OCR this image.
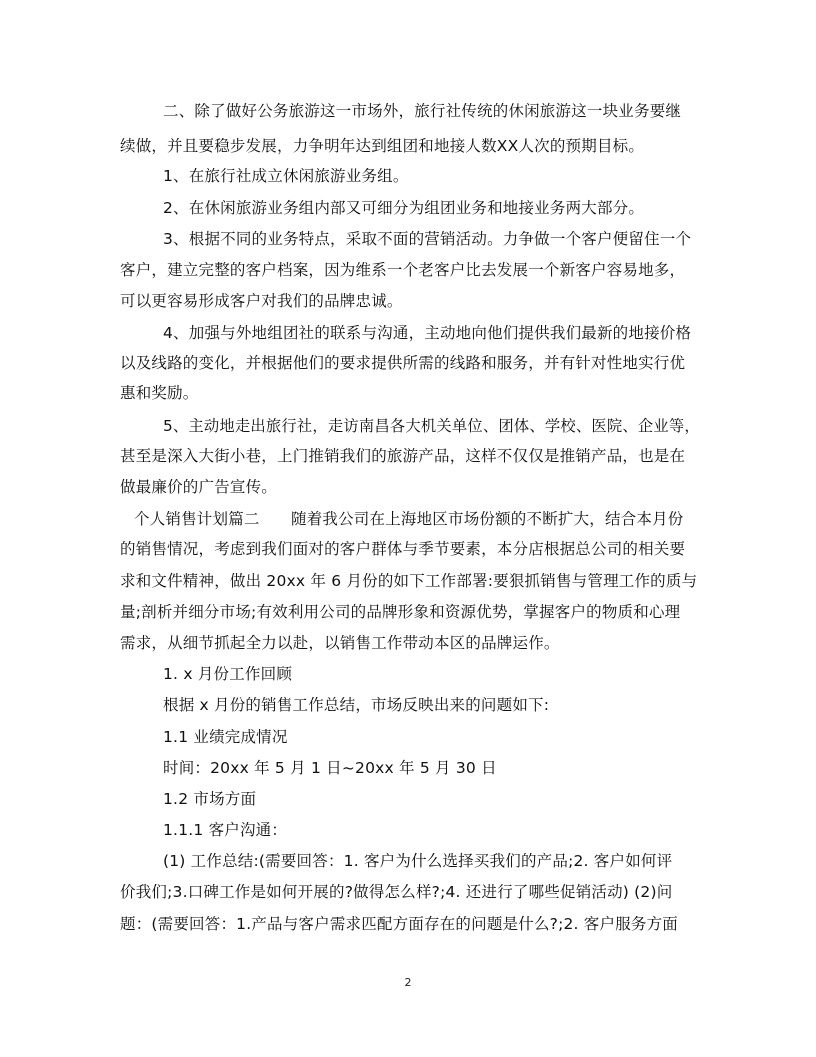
二、除了做好公务旅游这一市场外，旅行社传统的休闲旅游这一块业务要继
续做，并且要稳步发展，力争明年达到组团和地接人数XX人次的预期目标。
1、在旅行社成立休闲旅游业务组。
2、在休闲旅游业务组内部又可细分为组团业务和地接业务两大部分。
3、根据不同的业务特点，采取不面的营销活动。力争做一个客户便留住一个
客户，建立完整的客户档案，因为维系一个老客户比去发展一个新客户容易地多，
可以更容易形成客户对我们的品牌忠诚。
4、加强与外地组团社的联系与沟通，主动地向他们提供我们最新的地接价格
以及线路的变化，并根据他们的要求提供所需的线路和服务，并有针对性地实行优
惠和奖励。
5、主动地走出旅行社，走访南昌各大机关单位、团体、学校、医院、企业等，
甚至是深入大街小巷，上门推销我们的旅游产品，这样不仅仅是推销产品，也是在
做最廉价的广告宣传。
个人销售计划篇二　　随着我公司在上海地区市场份额的不断扩大，结合本月份
的销售情况，考虑到我们面对的客户群体与季节要素，本分店根据总公司的相关要
求和文件精神，做出 20xx 年 6 月份的如下工作部署:要狠抓销售与管理工作的质与
量;剖析并细分市场;有效利用公司的品牌形象和资源优势，掌握客户的物质和心理
需求，从细节抓起全力以赴，以销售工作带动本区的品牌运作。
1. x 月份工作回顾
根据 x 月份的销售工作总结，市场反映出来的问题如下:
1.1 业绩完成情况
时间：20xx 年 5 月 1 日~20xx 年 5 月 30 日
1.2 市场方面
1.1.1 客户沟通：
(1) 工作总结:(需要回答：1. 客户为什么选择买我们的产品;2. 客户如何评
价我们;3.口碑工作是如何开展的?做得怎么样?;4. 还进行了哪些促销活动) (2)问
题：(需要回答：1.产品与客户需求匹配方面存在的问题是什么?;2. 客户服务方面
2
